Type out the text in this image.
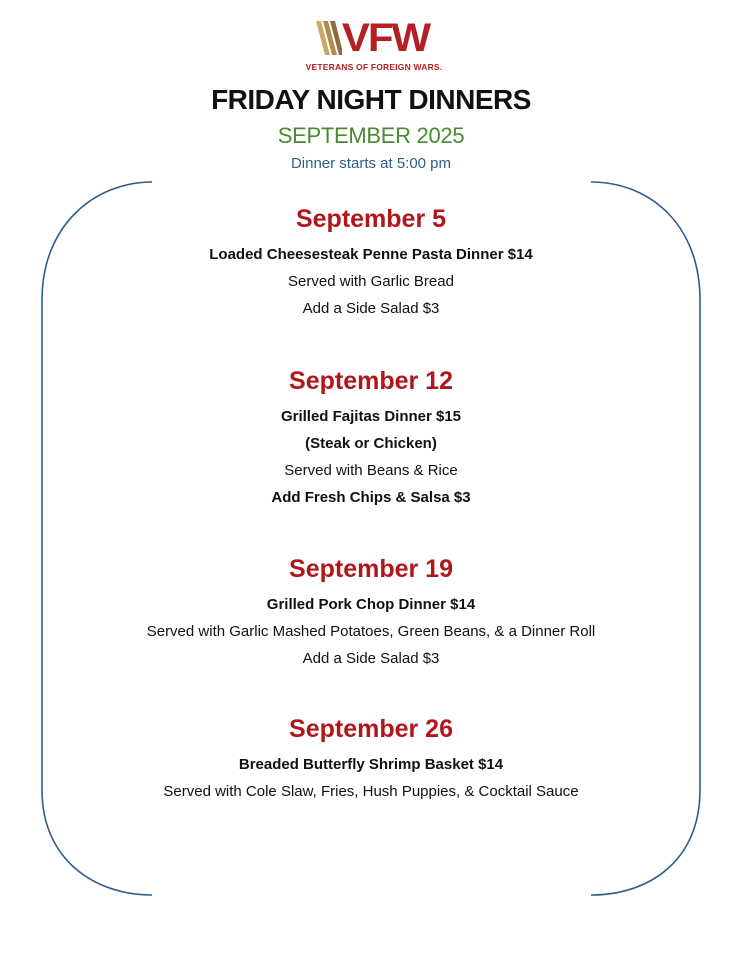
VFW
VETERANS OF FOREIGN WARS.
FRIDAY NIGHT DINNERS
SEPTEMBER 2025
Dinner starts at 5:00 pm
September 5
Loaded Cheesesteak Penne Pasta Dinner $14
Served with Garlic Bread
Add a Side Salad $3
September 12
Grilled Fajitas Dinner $15
(Steak or Chicken)
Served with Beans & Rice
Add Fresh Chips & Salsa $3
September 19
Grilled Pork Chop Dinner $14
Served with Garlic Mashed Potatoes, Green Beans, & a Dinner Roll
Add a Side Salad $3
September 26
Breaded Butterfly Shrimp Basket $14
Served with Cole Slaw, Fries, Hush Puppies, & Cocktail Sauce
